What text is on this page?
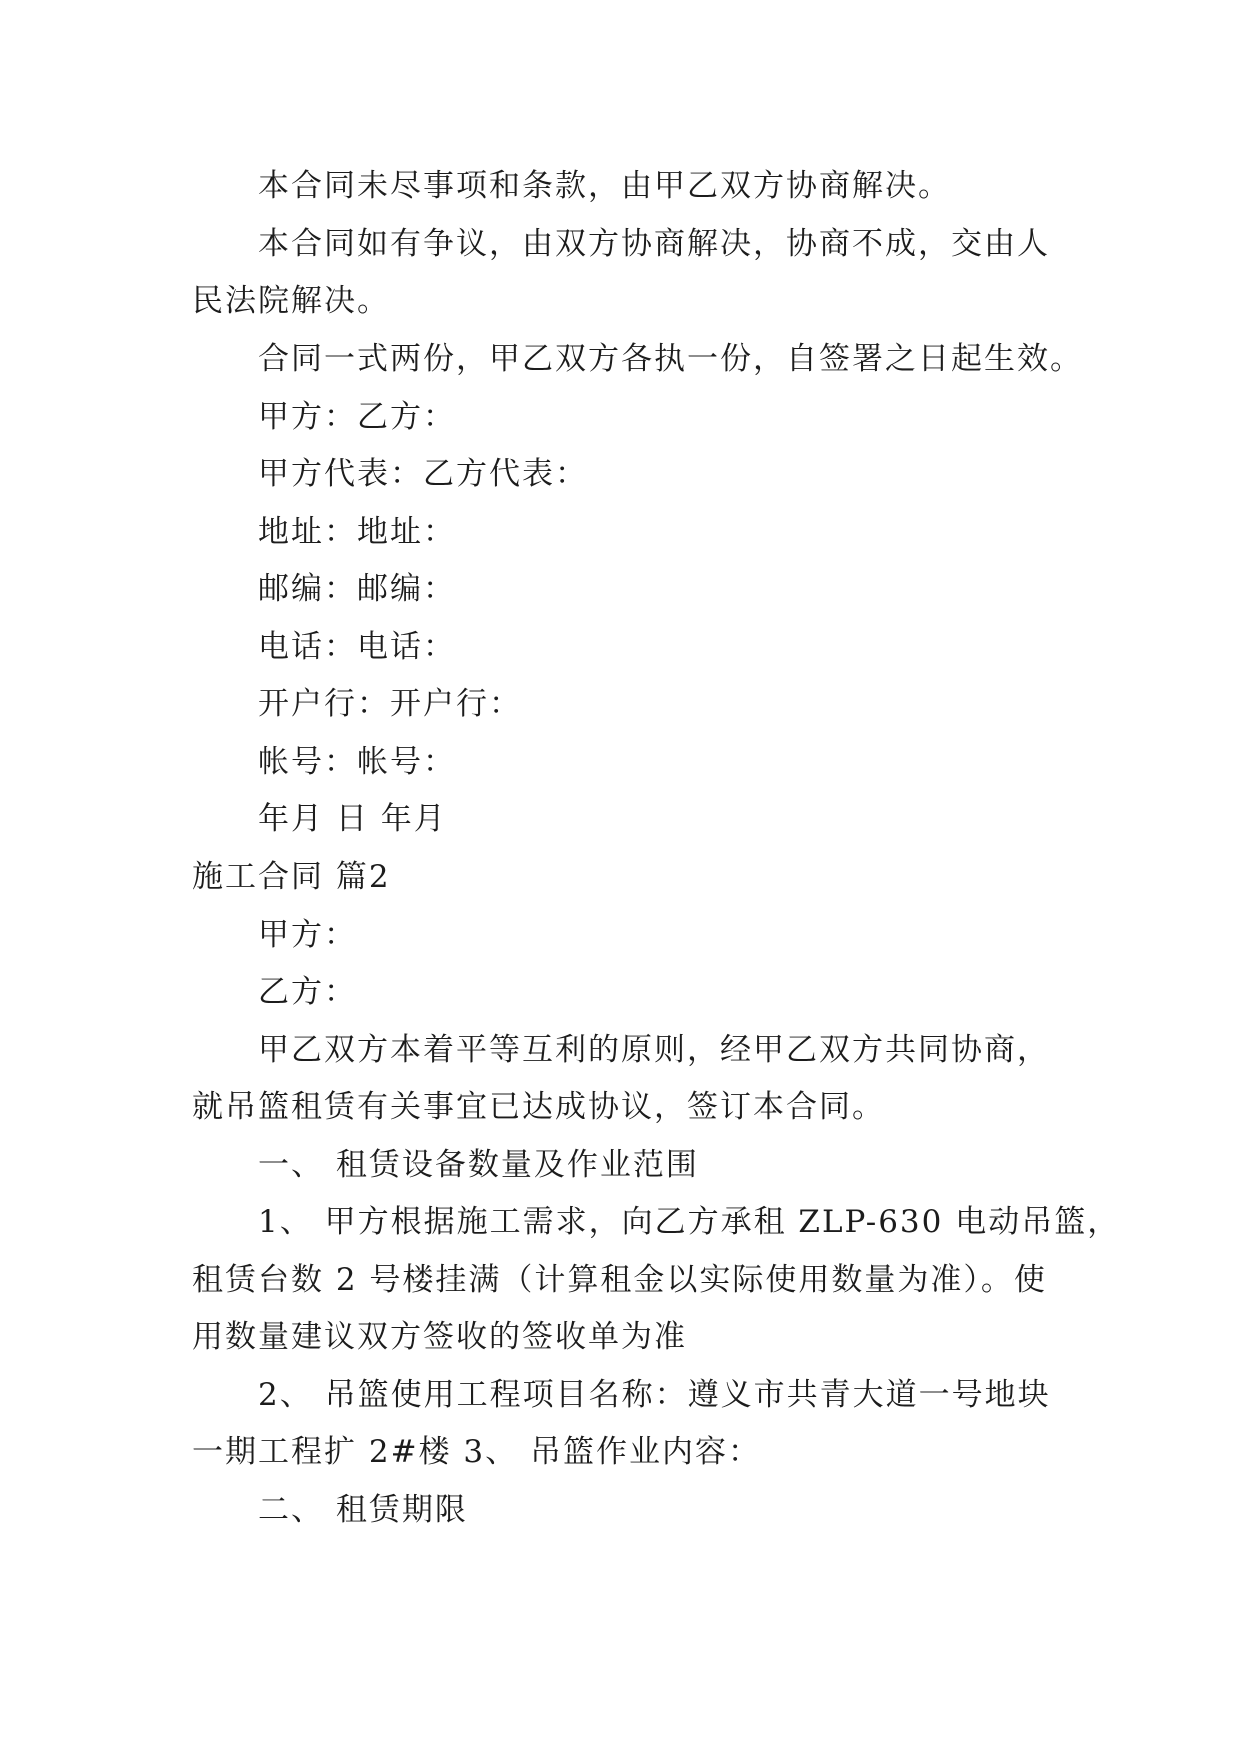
本合同未尽事项和条款，由甲乙双方协商解决。
本合同如有争议，由双方协商解决，协商不成，交由人
民法院解决。
合同一式两份，甲乙双方各执一份，自签署之日起生效。
甲方：乙方：
甲方代表：乙方代表：
地址：地址：
邮编：邮编：
电话：电话：
开户行：开户行：
帐号：帐号：
年月 日 年月
施工合同 篇2
甲方：
乙方：
甲乙双方本着平等互利的原则，经甲乙双方共同协商，
就吊篮租赁有关事宜已达成协议，签订本合同。
一、 租赁设备数量及作业范围
1、 甲方根据施工需求，向乙方承租 ZLP-630 电动吊篮，
租赁台数 2 号楼挂满（计算租金以实际使用数量为准）。使
用数量建议双方签收的签收单为准
2、 吊篮使用工程项目名称：遵义市共青大道一号地块
一期工程扩 2#楼 3、 吊篮作业内容：
二、 租赁期限
